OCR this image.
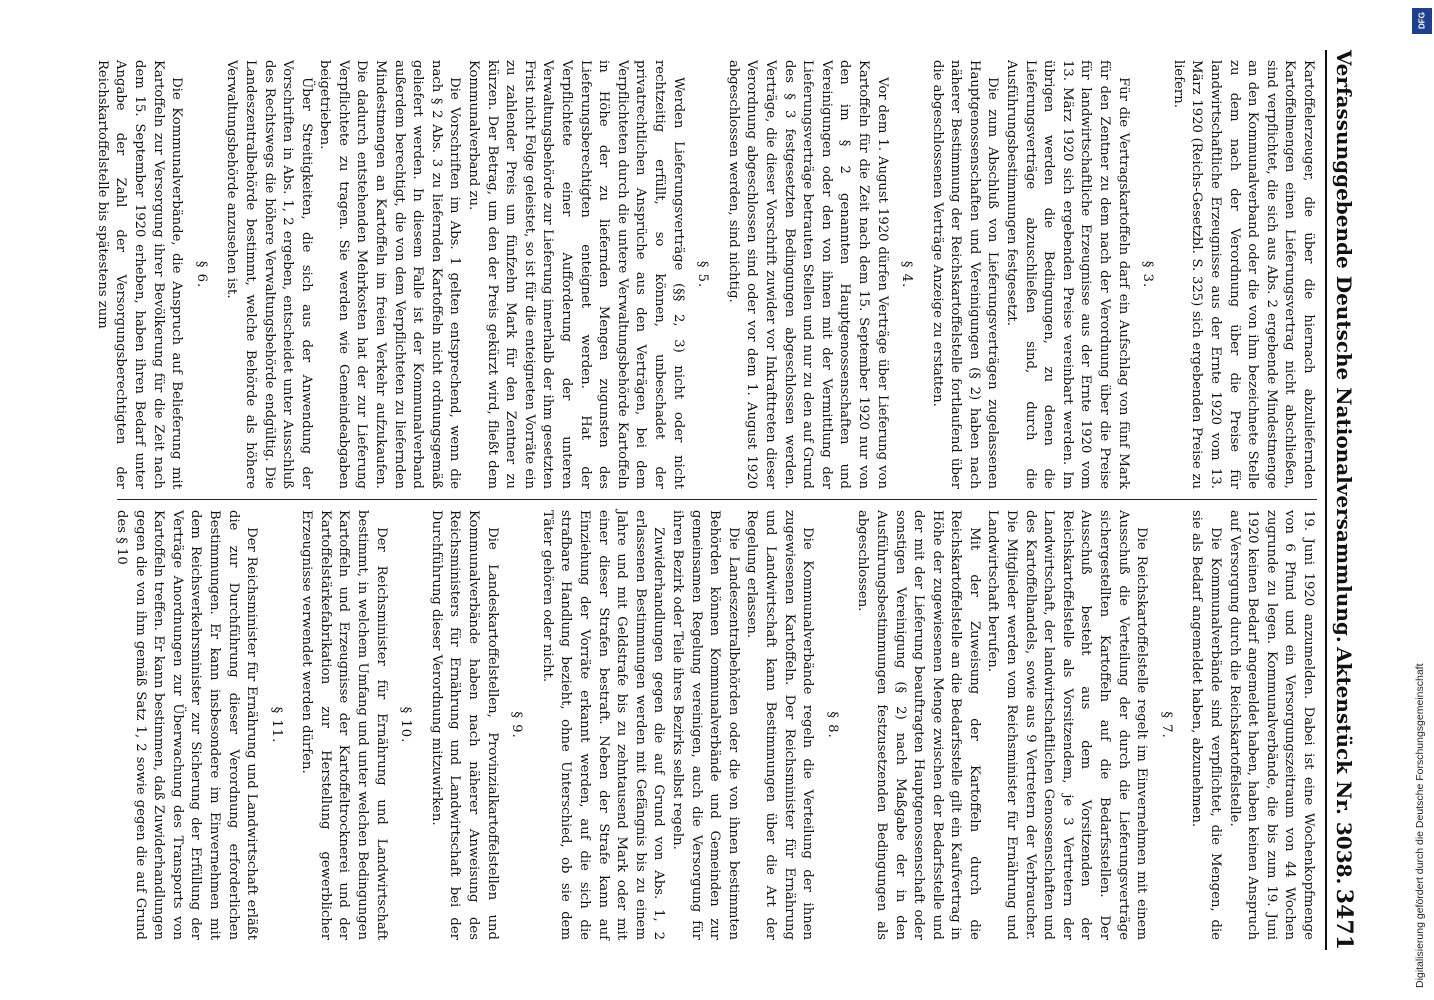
Verfassunggebende Deutsche Nationalversammlung.
Aktenstück Nr. 3038.
3471

Kartoffelerzeuger, die über die hiernach abzuliefernden Kartoffelmengen einen Lieferungsvertrag nicht abschließen, sind verpflichtet, die sich aus Abs. 2 ergebende Mindestmenge an den Kommunalverband oder die von ihm bezeichnete Stelle zu dem nach der Verordnung über die Preise für landwirtschaftliche Erzeugnisse aus der Ernte 1920 vom 13. März 1920 (Reichs-Gesetzbl. S. 325) sich ergebenden Preise zu liefern.

§ 3.

Für die Vertragskartoffeln darf ein Aufschlag von fünf Mark für den Zentner zu dem nach der Verordnung über die Preise für landwirtschaftliche Erzeugnisse aus der Ernte 1920 vom 13. März 1920 sich ergebenden Preise vereinbart werden. Im übrigen werden die Bedingungen, zu denen die Lieferungsverträge abzuschließen sind, durch die Ausführungsbestimmungen festgesetzt.

Die zum Abschluß von Lieferungsverträgen zugelassenen Hauptgenossenschaften und Vereinigungen (§ 2) haben nach näherer Bestimmung der Reichskartoffelstelle fortlaufend über die abgeschlossenen Verträge Anzeige zu erstatten.

§ 4.

Vor dem 1. August 1920 dürfen Verträge über Lieferung von Kartoffeln für die Zeit nach dem 15. September 1920 nur von den im § 2 genannten Hauptgenossenschaften und Vereinigungen oder den von ihnen mit der Vermittlung der Lieferungsverträge betrauten Stellen und nur zu den auf Grund des § 3 festgesetzten Bedingungen abgeschlossen werden. Verträge, die dieser Vorschrift zuwider vor Inkrafttreten dieser Verordnung abgeschlossen sind oder vor dem 1. August 1920 abgeschlossen werden, sind nichtig.

§ 5.

Werden Lieferungsverträge (§§ 2, 3) nicht oder nicht rechtzeitig erfüllt, so können, unbeschadet der privatrechtlichen Ansprüche aus den Verträgen, bei dem Verpflichteten durch die untere Verwaltungsbehörde Kartoffeln in Höhe der zu liefernden Mengen zugunsten des Lieferungsberechtigten enteignet werden. Hat der Verpflichtete einer Aufforderung der unteren Verwaltungsbehörde zur Lieferung innerhalb der ihm gesetzten Frist nicht Folge geleistet, so ist für die enteigneten Vorräte ein zu zahlender Preis um fünfzehn Mark für den Zentner zu kürzen. Der Betrag, um den der Preis gekürzt wird, fließt dem Kommunalverband zu.

Die Vorschriften im Abs. 1 gelten entsprechend, wenn die nach § 2 Abs. 3 zu liefernden Kartoffeln nicht ordnungsgemäß geliefert werden. In diesem Falle ist der Kommunalverband außerdem berechtigt, die von dem Verpflichteten zu liefernden Mindestmengen an Kartoffeln im freien Verkehr aufzukaufen. Die dadurch entstehenden Mehrkosten hat der zur Lieferung Verpflichtete zu tragen. Sie werden wie Gemeindeabgaben beigetrieben.

Über Streitigkeiten, die sich aus der Anwendung der Vorschriften in Abs. 1, 2 ergeben, entscheidet unter Ausschluß des Rechtswegs die höhere Verwaltungsbehörde endgültig. Die Landeszentralbehörde bestimmt, welche Behörde als höhere Verwaltungsbehörde anzusehen ist.

§ 6.

Die Kommunalverbände, die Anspruch auf Belieferung mit Kartoffeln zur Versorgung ihrer Bevölkerung für die Zeit nach dem 15. September 1920 erheben, haben ihren Bedarf unter Angabe der Zahl der Versorgungsberechtigten der Reichskartoffelstelle bis spätestens zum

19. Juni 1920 anzumelden. Dabei ist eine Wochenkopfmenge von 6 Pfund und ein Versorgungszeitraum von 44 Wochen zugrunde zu legen. Kommunalverbände, die bis zum 19. Juni 1920 keinen Bedarf angemeldet haben, haben keinen Anspruch auf Versorgung durch die Reichskartoffelstelle.

Die Kommunalverbände sind verpflichtet, die Mengen, die sie als Bedarf angemeldet haben, abzunehmen.

§ 7.

Die Reichskartoffelstelle regelt im Einvernehmen mit einem Ausschuß die Verteilung der durch die Lieferungsverträge sichergestellten Kartoffeln auf die Bedarfsstellen. Der Ausschuß besteht aus dem Vorsitzenden der Reichskartoffelstelle als Vorsitzendem, je 3 Vertretern der Landwirtschaft, der landwirtschaftlichen Genossenschaften und des Kartoffelhandels, sowie aus 9 Vertretern der Verbraucher. Die Mitglieder werden vom Reichsminister für Ernährung und Landwirtschaft berufen.

Mit der Zuweisung der Kartoffeln durch die Reichskartoffelstelle an die Bedarfsstelle gilt ein Kaufvertrag in Höhe der zugewiesenen Menge zwischen der Bedarfsstelle und der mit der Lieferung beauftragten Hauptgenossenschaft oder sonstigen Vereinigung (§ 2) nach Maßgabe der in den Ausführungsbestimmungen festzusetzenden Bedingungen als abgeschlossen.

§ 8.

Die Kommunalverbände regeln die Verteilung der ihnen zugewiesenen Kartoffeln. Der Reichsminister für Ernährung und Landwirtschaft kann Bestimmungen über die Art der Regelung erlassen.

Die Landeszentralbehörden oder die von ihnen bestimmten Behörden können Kommunalverbände und Gemeinden zur gemeinsamen Regelung vereinigen, auch die Versorgung für ihren Bezirk oder Teile ihres Bezirks selbst regeln.

Zuwiderhandlungen gegen die auf Grund von Abs. 1, 2 erlassenen Bestimmungen werden mit Gefängnis bis zu einem Jahre und mit Geldstrafe bis zu zehntausend Mark oder mit einer dieser Strafen bestraft. Neben der Strafe kann auf Einziehung der Vorräte erkannt werden, auf die sich die strafbare Handlung bezieht, ohne Unterschied, ob sie dem Täter gehören oder nicht.

§ 9.

Die Landeskartoffelstellen, Provinzialkartoffelstellen und Kommunalverbände haben nach näherer Anweisung des Reichsministers für Ernährung und Landwirtschaft bei der Durchführung dieser Verordnung mitzuwirken.

§ 10.

Der Reichsminister für Ernährung und Landwirtschaft bestimmt, in welchem Umfang und unter welchen Bedingungen Kartoffeln und Erzeugnisse der Kartoffeltrocknerei und der Kartoffelstärkefabrikation zur Herstellung gewerblicher Erzeugnisse verwendet werden dürfen.

§ 11.

Der Reichsminister für Ernährung und Landwirtschaft erläßt die zur Durchführung dieser Verordnung erforderlichen Bestimmungen. Er kann insbesondere im Einvernehmen mit dem Reichsverkehrsminister zur Sicherung der Erfüllung der Verträge Anordnungen zur Überwachung des Transports von Kartoffeln treffen. Er kann bestimmen, daß Zuwiderhandlungen gegen die von ihm gemäß Satz 1, 2 sowie gegen die auf Grund des § 10

DFG
Digitalisierung gefördert durch die Deutsche Forschungsgemeinschaft
